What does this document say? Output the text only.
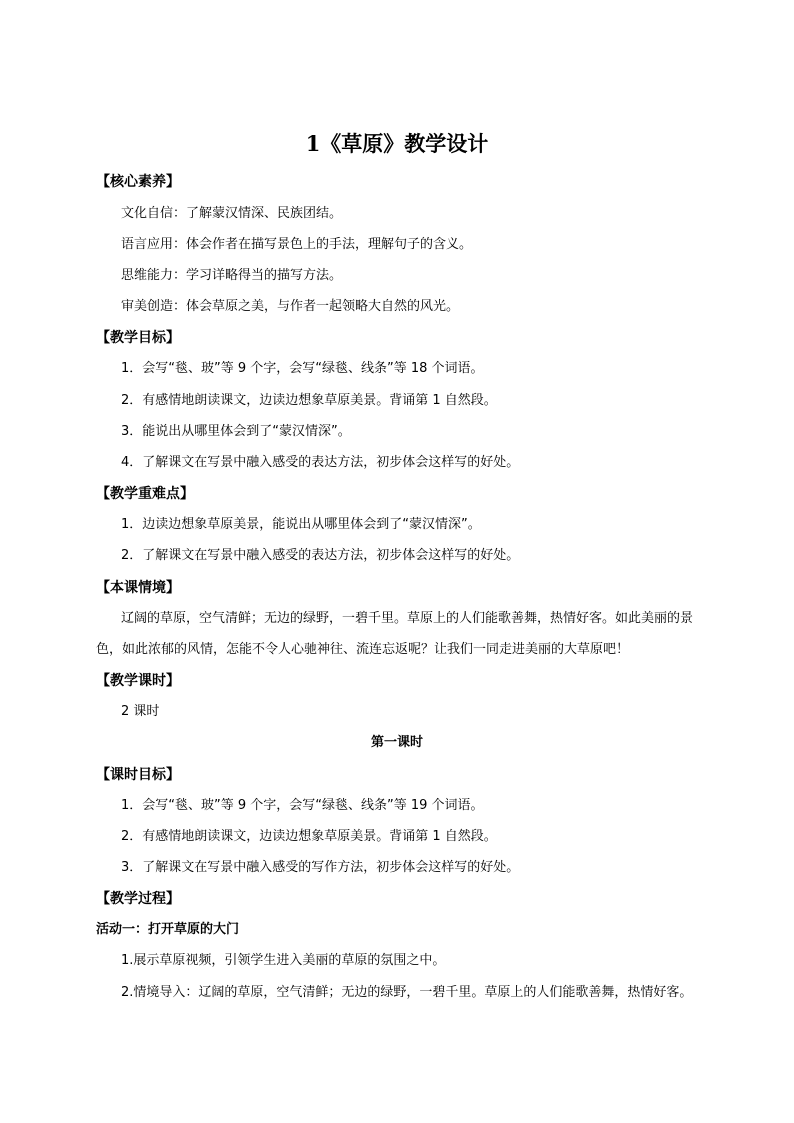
1《草原》教学设计
【核心素养】
文化自信：了解蒙汉情深、民族团结。
语言应用：体会作者在描写景色上的手法，理解句子的含义。
思维能力：学习详略得当的描写方法。
审美创造：体会草原之美，与作者一起领略大自然的风光。
【教学目标】
1．会写“毯、玻”等 9 个字，会写“绿毯、线条”等 18 个词语。
2．有感情地朗读课文，边读边想象草原美景。背诵第 1 自然段。
3．能说出从哪里体会到了“蒙汉情深”。
4．了解课文在写景中融入感受的表达方法，初步体会这样写的好处。
【教学重难点】
1．边读边想象草原美景，能说出从哪里体会到了“蒙汉情深”。
2．了解课文在写景中融入感受的表达方法，初步体会这样写的好处。
【本课情境】
辽阔的草原，空气清鲜；无边的绿野，一碧千里。草原上的人们能歌善舞，热情好客。如此美丽的景
色，如此浓郁的风情，怎能不令人心驰神往、流连忘返呢？让我们一同走进美丽的大草原吧！
【教学课时】
2 课时
第一课时
【课时目标】
1．会写“毯、玻”等 9 个字，会写“绿毯、线条”等 19 个词语。
2．有感情地朗读课文，边读边想象草原美景。背诵第 1 自然段。
3．了解课文在写景中融入感受的写作方法，初步体会这样写的好处。
【教学过程】
活动一：打开草原的大门
1.展示草原视频，引领学生进入美丽的草原的氛围之中。
2.情境导入：辽阔的草原，空气清鲜；无边的绿野，一碧千里。草原上的人们能歌善舞，热情好客。
